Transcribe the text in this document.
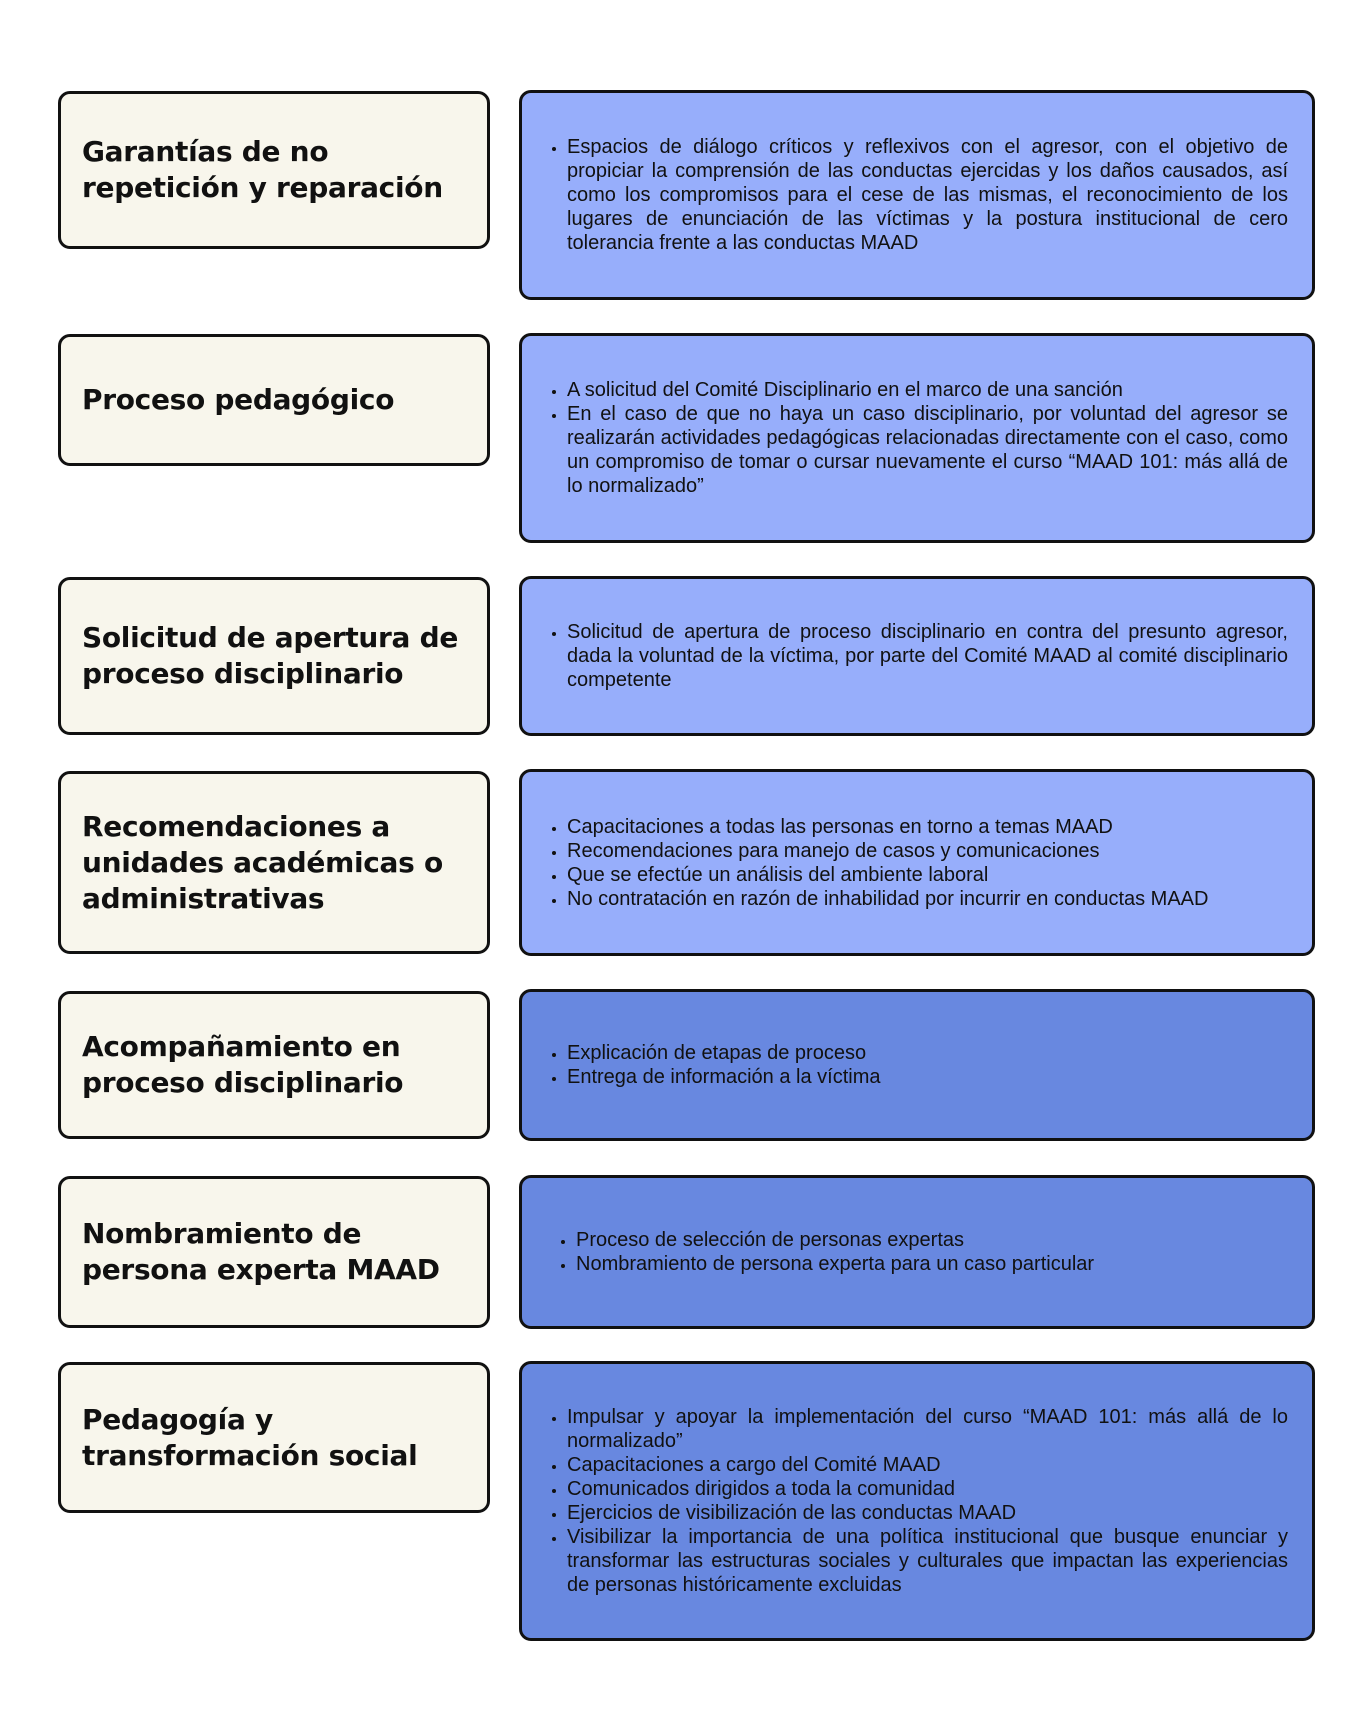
Garantías de no repetición y reparación

• Espacios de diálogo críticos y reflexivos con el agresor, con el objetivo de propiciar la comprensión de las conductas ejercidas y los daños causados, así como los compromisos para el cese de las mismas, el reconocimiento de los lugares de enunciación de las víctimas y la postura institucional de cero tolerancia frente a las conductas MAAD

Proceso pedagógico

•	A solicitud del Comité Disciplinario en el marco de una sanción
• En el caso de que no haya un caso disciplinario, por voluntad del agresor se realizarán actividades pedagógicas relacionadas directamente con el caso, como un compromiso de tomar o cursar nuevamente el curso “MAAD 101: más allá de lo normalizado”

Solicitud de apertura de proceso disciplinario

• Solicitud de apertura de proceso disciplinario en contra del presunto agresor, dada la voluntad de la víctima, por parte del Comité MAAD al comité disciplinario competente

Recomendaciones a unidades académicas o administrativas

• Capacitaciones a todas las personas en torno a temas MAAD
• Recomendaciones para manejo de casos y comunicaciones
• Que se efectúe un análisis del ambiente laboral
• No contratación en razón de inhabilidad por incurrir en conductas MAAD

Acompañamiento en proceso disciplinario

• Explicación de etapas de proceso
• Entrega de información a la víctima

Nombramiento de persona experta MAAD

• Proceso de selección de personas expertas
• Nombramiento de persona experta para un caso particular

Pedagogía y transformación social

• Impulsar y apoyar la implementación del curso “MAAD 101: más allá de lo normalizado”
• Capacitaciones a cargo del Comité MAAD
• Comunicados dirigidos a toda la comunidad
• Ejercicios de visibilización de las conductas MAAD
• Visibilizar la importancia de una política institucional que busque enunciar y transformar las estructuras sociales y culturales que impactan las experiencias de personas históricamente excluidas
